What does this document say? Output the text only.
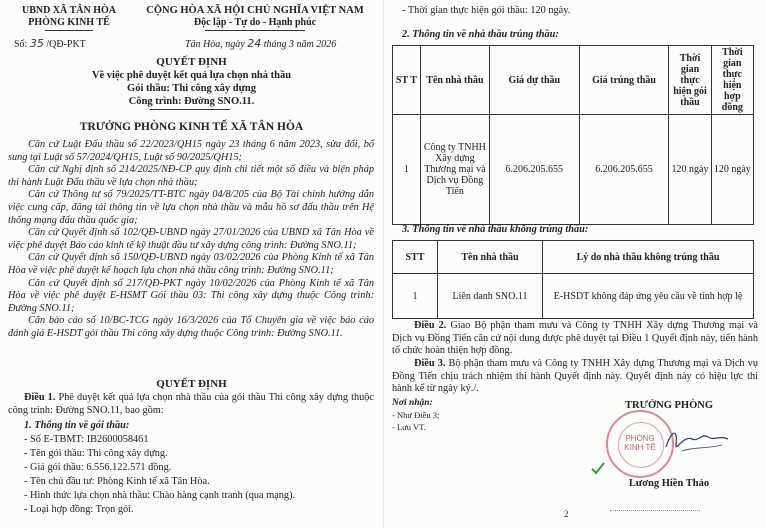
UBND XÃ TÂN HÒA
PHÒNG KINH TẾ
Số: 35 /QĐ-PKT
CỘNG HÒA XÃ HỘI CHỦ NGHĨA VIỆT NAM
Độc lập - Tự do - Hạnh phúc
Tân Hòa, ngày 24 tháng 3 năm 2026
QUYẾT ĐỊNH
Về việc phê duyệt kết quả lựa chọn nhà thầu
Gói thầu: Thi công xây dựng
Công trình: Đường SNO.11.
TRƯỞNG PHÒNG KINH TẾ XÃ TÂN HÒA
Căn cứ Luật Đấu thầu số 22/2023/QH15 ngày 23 tháng 6 năm 2023, sửa đổi, bổ sung tại Luật số 57/2024/QH15, Luật số 90/2025/QH15;
Căn cứ Nghị định số 214/2025/NĐ-CP quy định chi tiết một số điều và biện pháp thi hành Luật Đấu thầu về lựa chọn nhà thầu;
Căn cứ Thông tư số 79/2025/TT-BTC ngày 04/8/205 của Bộ Tài chính hướng dẫn việc cung cấp, đăng tải thông tin về lựa chọn nhà thầu và mẫu hồ sơ đấu thầu trên Hệ thống mạng đấu thầu quốc gia;
Căn cứ Quyết định số 102/QĐ-UBND ngày 27/01/2026 của UBND xã Tân Hòa về việc phê duyệt Báo cáo kinh tế kỹ thuật đầu tư xây dựng công trình: Đường SNO.11;
Căn cứ Quyết định số 150/QĐ-UBND ngày 03/02/2026 của Phòng Kinh tế xã Tân Hòa về việc phê duyệt kế hoạch lựa chọn nhà thầu công trình: Đường SNO.11;
Căn cứ Quyết định số 217/QĐ-PKT ngày 10/02/2026 của Phòng Kinh tế xã Tân Hòa về việc phê duyệt E-HSMT Gói thầu 03: Thi công xây dựng thuộc Công trình: Đường SNO.11;
Căn bào cáo số 10/BC-TCG ngày 16/3/2026 của Tổ Chuyên gia về việc báo cáo đánh giá E-HSDT gói thầu Thi công xây dựng thuộc Công trình: Đường SNO.11.
QUYẾT ĐỊNH
Điều 1. Phê duyệt kết quả lựa chọn nhà thầu của gói thầu Thi công xây dựng thuộc công trình: Đường SNO.11, bao gồm:
1. Thông tin về gói thầu:
- Số E-TBMT: IB2600058461
- Tên gói thầu: Thi công xây dựng.
- Giá gói thầu: 6.556.122.571 đồng.
- Tên chủ đầu tư: Phòng Kinh tế xã Tân Hòa.
- Hình thức lựa chọn nhà thầu: Chào hàng cạnh tranh (qua mạng).
- Loại hợp đồng: Trọn gói.
- Thời gian thực hiện gói thầu: 120 ngày.
2. Thông tin về nhà thầu trúng thầu:
ST T	Tên nhà thầu	Giá dự thầu	Giá trúng thầu	Thời gian thực hiện gói thầu	Thời gian thực hiện hợp đồng
1	Công ty TNHH Xây dựng Thương mại và Dịch vụ Đồng Tiến	6.206.205.655	6.206.205.655	120 ngày	120 ngày
3. Thông tin về nhà thầu không trúng thầu:
STT	Tên nhà thầu	Lý do nhà thầu không trúng thầu
1	Liên danh SNO.11	E-HSDT không đáp ứng yêu cầu về tính hợp lệ
Điều 2. Giao Bộ phận tham mưu và Công ty TNHH Xây dựng Thương mại và Dịch vụ Đồng Tiến căn cứ nội dung được phê duyệt tại Điều 1 Quyết định này, tiến hành tổ chức hoàn thiện hợp đồng.
Điều 3. Bộ phận tham mưu và Công ty TNHH Xây dựng Thương mại và Dịch vụ Đồng Tiến chịu trách nhiệm thi hành Quyết định này. Quyết định này có hiệu lực thi hành kể từ ngày ký./.
Nơi nhận:
- Như Điều 3;
- Lưu VT.
TRƯỞNG PHÒNG
PHÒNG
KINH TẾ
Lương Hiền Thảo
2
